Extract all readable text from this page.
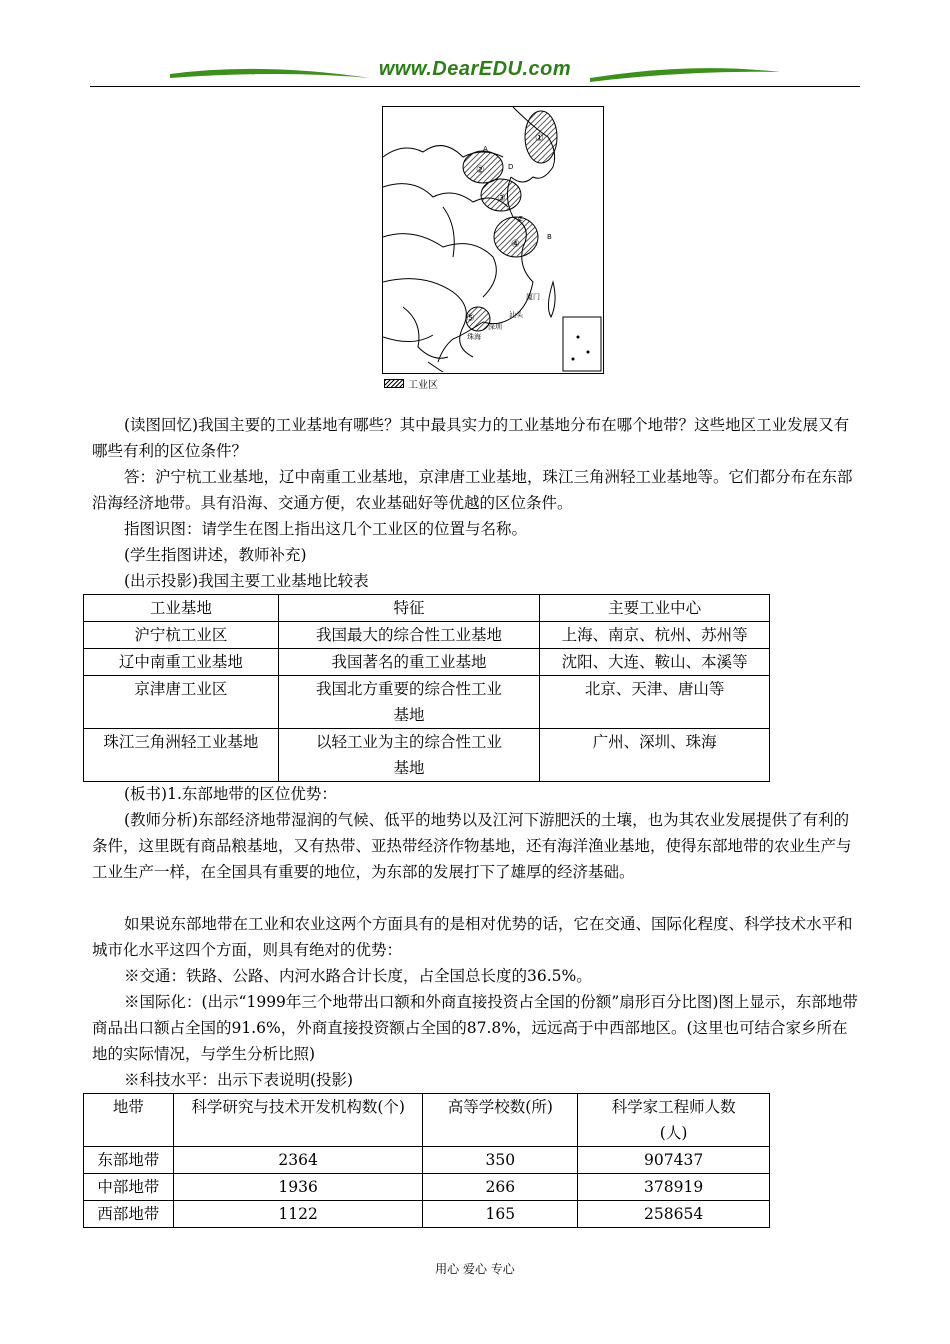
www.DearEDU.com
①
②
③
④
⑤
A
B
C
D
厦门
汕头
深圳
珠海
工业区

(读图回忆)我国主要的工业基地有哪些？其中最具实力的工业基地分布在哪个地带？这些地区工业发展又有哪些有利的区位条件？

答：沪宁杭工业基地，辽中南重工业基地，京津唐工业基地，珠江三角洲轻工业基地等。它们都分布在东部沿海经济地带。具有沿海、交通方便，农业基础好等优越的区位条件。

指图识图：请学生在图上指出这几个工业区的位置与名称。

(学生指图讲述，教师补充)

(出示投影)我国主要工业基地比较表

工业基地	特征	主要工业中心
沪宁杭工业区	我国最大的综合性工业基地	上海、南京、杭州、苏州等
辽中南重工业基地	我国著名的重工业基地	沈阳、大连、鞍山、本溪等
京津唐工业区	我国北方重要的综合性工业基地	北京、天津、唐山等
珠江三角洲轻工业基地	以轻工业为主的综合性工业基地	广州、深圳、珠海

(板书)1.东部地带的区位优势：

(教师分析)东部经济地带湿润的气候、低平的地势以及江河下游肥沃的土壤，也为其农业发展提供了有利的条件，这里既有商品粮基地，又有热带、亚热带经济作物基地，还有海洋渔业基地，使得东部地带的农业生产与工业生产一样，在全国具有重要的地位，为东部的发展打下了雄厚的经济基础。

如果说东部地带在工业和农业这两个方面具有的是相对优势的话，它在交通、国际化程度、科学技术水平和城市化水平这四个方面，则具有绝对的优势：

※交通：铁路、公路、内河水路合计长度，占全国总长度的36.5%。

※国际化：(出示“1999年三个地带出口额和外商直接投资占全国的份额”扇形百分比图)图上显示，东部地带商品出口额占全国的91.6%，外商直接投资额占全国的87.8%，远远高于中西部地区。(这里也可结合家乡所在地的实际情况，与学生分析比照)

※科技水平：出示下表说明(投影)

地带	科学研究与技术开发机构数(个)	高等学校数(所)	科学家工程师人数(人)
东部地带	2364	350	907437
中部地带	1936	266	378919
西部地带	1122	165	258654
用心 爱心 专心
